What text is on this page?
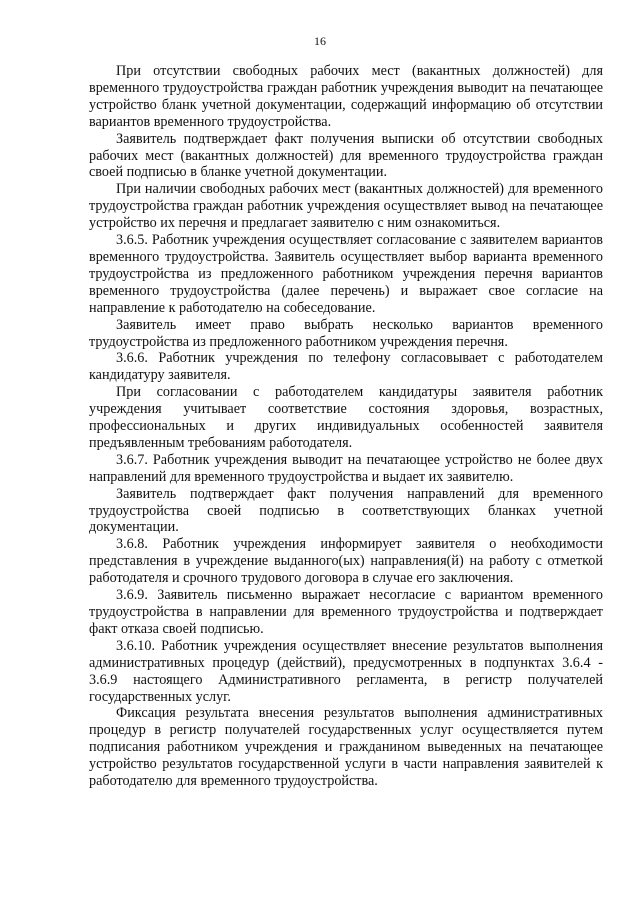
16

При отсутствии свободных рабочих мест (вакантных должностей) для временного трудоустройства граждан работник учреждения выводит на печатающее устройство бланк учетной документации, содержащий информацию об отсутствии вариантов временного трудоустройства.

Заявитель подтверждает факт получения выписки об отсутствии свободных рабочих мест (вакантных должностей) для временного трудоустройства граждан своей подписью в бланке учетной документации.

При наличии свободных рабочих мест (вакантных должностей) для временного трудоустройства граждан работник учреждения осуществляет вывод на печатающее устройство их перечня и предлагает заявителю с ним ознакомиться.

3.6.5. Работник учреждения осуществляет согласование с заявителем вариантов временного трудоустройства. Заявитель осуществляет выбор варианта временного трудоустройства из предложенного работником учреждения перечня вариантов временного трудоустройства (далее перечень) и выражает свое согласие на направление к работодателю на собеседование.

Заявитель имеет право выбрать несколько вариантов временного трудоустройства из предложенного работником учреждения перечня.

3.6.6. Работник учреждения по телефону согласовывает с работодателем кандидатуру заявителя.

При согласовании с работодателем кандидатуры заявителя работник учреждения учитывает соответствие состояния здоровья, возрастных, профессиональных и других индивидуальных особенностей заявителя предъявленным требованиям работодателя.

3.6.7. Работник учреждения выводит на печатающее устройство не более двух направлений для временного трудоустройства и выдает их заявителю.

Заявитель подтверждает факт получения направлений для временного трудоустройства своей подписью в соответствующих бланках учетной документации.

3.6.8. Работник учреждения информирует заявителя о необходимости представления в учреждение выданного(ых) направления(й) на работу с отметкой работодателя и срочного трудового договора в случае его заключения.

3.6.9. Заявитель письменно выражает несогласие с вариантом временного трудоустройства в направлении для временного трудоустройства и подтверждает факт отказа своей подписью.

3.6.10. Работник учреждения осуществляет внесение результатов выполнения административных процедур (действий), предусмотренных в подпунктах 3.6.4 - 3.6.9 настоящего Административного регламента, в регистр получателей государственных услуг.

Фиксация результата внесения результатов выполнения административных процедур в регистр получателей государственных услуг осуществляется путем подписания работником учреждения и гражданином выведенных на печатающее устройство результатов государственной услуги в части направления заявителей к работодателю для временного трудоустройства.
